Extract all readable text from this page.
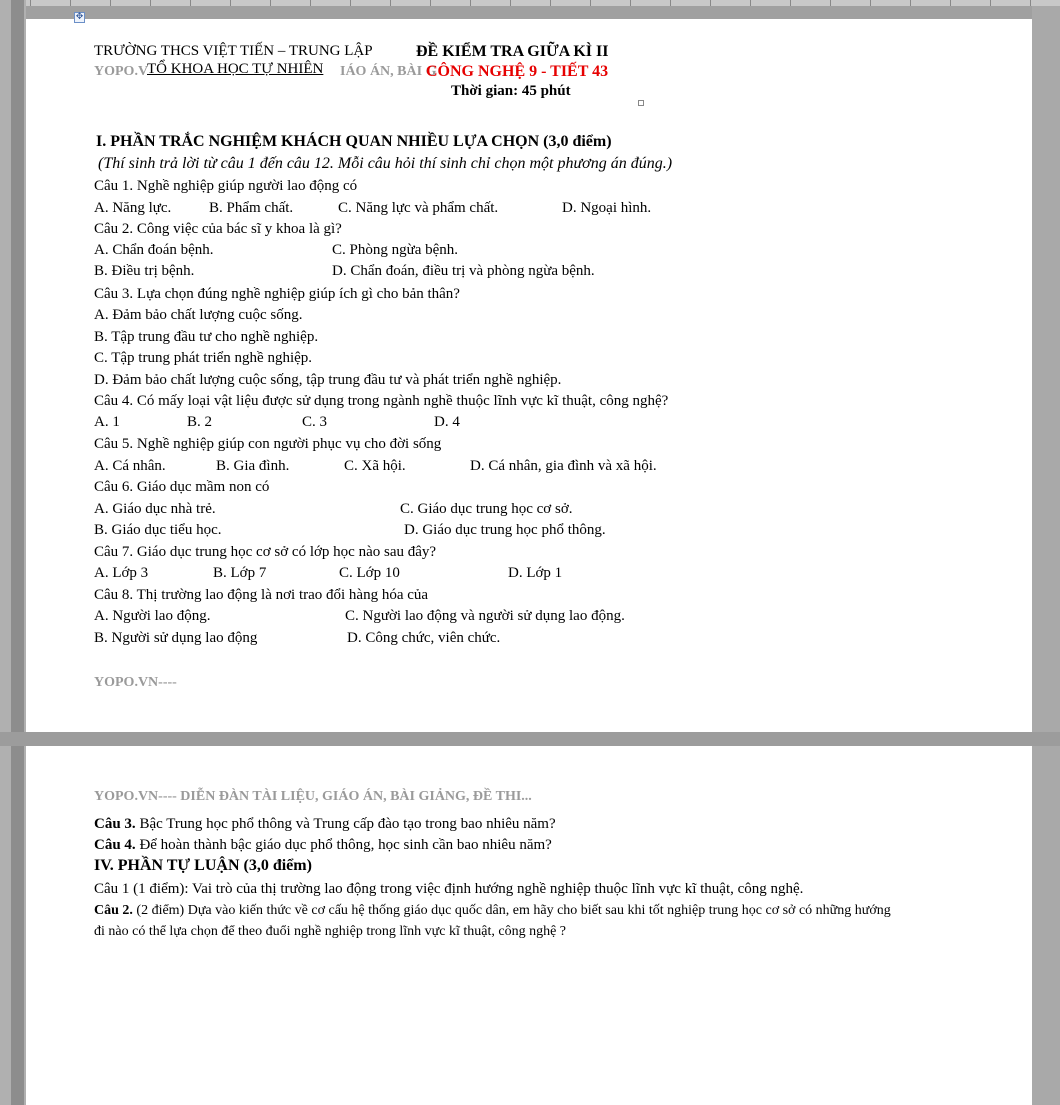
✥
TRƯỜNG THCS VIỆT TIẾN – TRUNG LẬP	ĐỀ KIỂM TRA GIỮA KÌ II
YOPO.V
TỔ KHOA HỌC TỰ NHIÊN IÁO ÁN, BÀI G
CÔNG NGHỆ 9 - TIẾT 43
Thời gian: 45 phút
I. PHẦN TRẮC NGHIỆM KHÁCH QUAN NHIỀU LỰA CHỌN (3,0 điểm)
(Thí sinh trả lời từ câu 1 đến câu 12. Mỗi câu hỏi thí sinh chỉ chọn một phương án đúng.)
Câu 1. Nghề nghiệp giúp người lao động có
A. Năng lực.	B. Phẩm chất.	C. Năng lực và phẩm chất.	D. Ngoại hình.
Câu 2. Công việc của bác sĩ y khoa là gì?
A. Chẩn đoán bệnh.	C. Phòng ngừa bệnh.
B. Điều trị bệnh.	D. Chẩn đoán, điều trị và phòng ngừa bệnh.
Câu 3. Lựa chọn đúng nghề nghiệp giúp ích gì cho bản thân?
A. Đảm bảo chất lượng cuộc sống.
B. Tập trung đầu tư cho nghề nghiệp.
C. Tập trung phát triển nghề nghiệp.
D. Đảm bảo chất lượng cuộc sống, tập trung đầu tư và phát triển nghề nghiệp.
Câu 4. Có mấy loại vật liệu được sử dụng trong ngành nghề thuộc lĩnh vực kĩ thuật, công nghệ?
A. 1	B. 2	C. 3	D. 4
Câu 5. Nghề nghiệp giúp con người phục vụ cho đời sống
A. Cá nhân.	B. Gia đình.	C. Xã hội.	D. Cá nhân, gia đình và xã hội.
Câu 6. Giáo dục mầm non có
A. Giáo dục nhà trẻ.	C. Giáo dục trung học cơ sở.
B. Giáo dục tiểu học.	D. Giáo dục trung học phổ thông.
Câu 7. Giáo dục trung học cơ sở có lớp học nào sau đây?
A. Lớp 3	B. Lớp 7	C. Lớp 10	D. Lớp 1
Câu 8. Thị trường lao động là nơi trao đổi hàng hóa của
A. Người lao động.	C. Người lao động và người sử dụng lao động.
B. Người sử dụng lao động	D. Công chức, viên chức.
YOPO.VN----
YOPO.VN---- DIỄN ĐÀN TÀI LIỆU, GIÁO ÁN, BÀI GIẢNG, ĐỀ THI...
Câu 3. Bậc Trung học phổ thông và Trung cấp đào tạo trong bao nhiêu năm?
Câu 4. Để hoàn thành bậc giáo dục phổ thông, học sinh cần bao nhiêu năm?
IV. PHẦN TỰ LUẬN (3,0 điểm)
Câu 1 (1 điểm): Vai trò của thị trường lao động trong việc định hướng nghề nghiệp thuộc lĩnh vực kĩ thuật, công nghệ.
Câu 2. (2 điểm) Dựa vào kiến thức về cơ cấu hệ thống giáo dục quốc dân, em hãy cho biết sau khi tốt nghiệp trung học cơ sở có những hướng
đi nào có thể lựa chọn để theo đuổi nghề nghiệp trong lĩnh vực kĩ thuật, công nghệ ?
